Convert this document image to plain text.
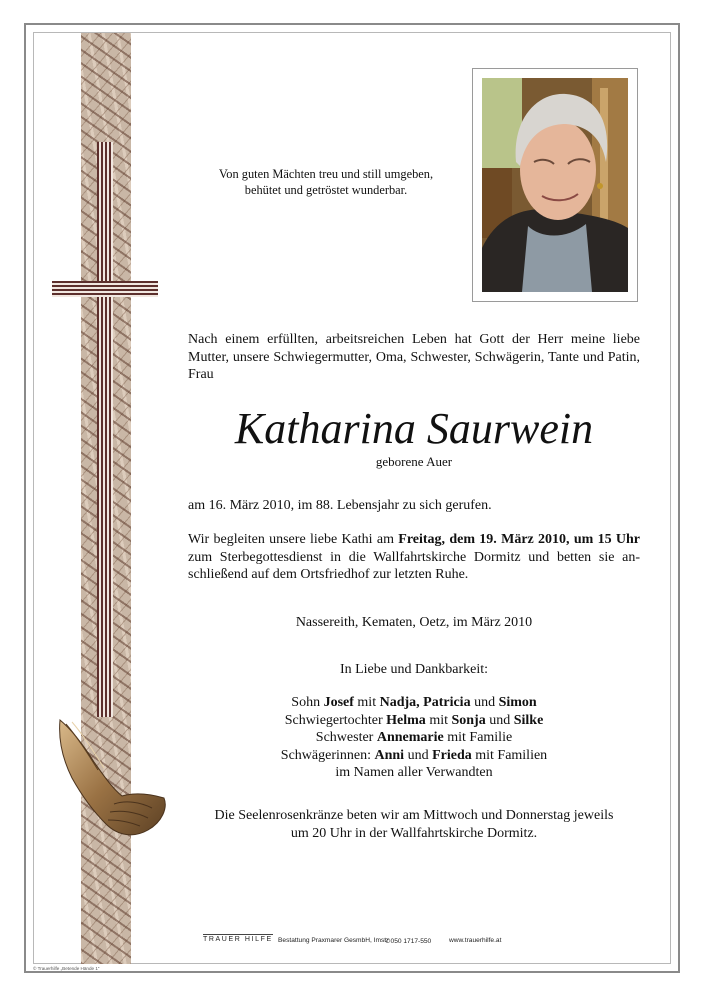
Von guten Mächten treu und still umgeben,
behütet und getröstet wunderbar.
Nach einem erfüllten, arbeitsreichen Leben hat Gott der Herr meine liebe Mutter, unsere Schwiegermutter, Oma, Schwester, Schwägerin, Tante und Patin, Frau
Katharina Saurwein
geborene Auer
am 16. März 2010, im 88. Lebensjahr zu sich gerufen.
Wir begleiten unsere liebe Kathi am Freitag, dem 19. März 2010, um 15 Uhr zum Sterbegottesdienst in die Wallfahrtskirche Dormitz und betten sie anschließend auf dem Ortsfriedhof zur letzten Ruhe.
Nassereith, Kematen, Oetz, im März 2010
In Liebe und Dankbarkeit:
Sohn Josef mit Nadja, Patricia und Simon
Schwiegertochter Helma mit Sonja und Silke
Schwester Annemarie mit Familie
Schwägerinnen: Anni und Frieda mit Familien
im Namen aller Verwandten
Die Seelenrosenkränze beten wir am Mittwoch und Donnerstag jeweils
um 20 Uhr in der Wallfahrtskirche Dormitz.
TRAUER HILFE Bestattung Praxmarer GesmbH, Imst
✆050 1717-550	www.trauerhilfe.at
© Trauerhilfe „Betende Hände 1“
